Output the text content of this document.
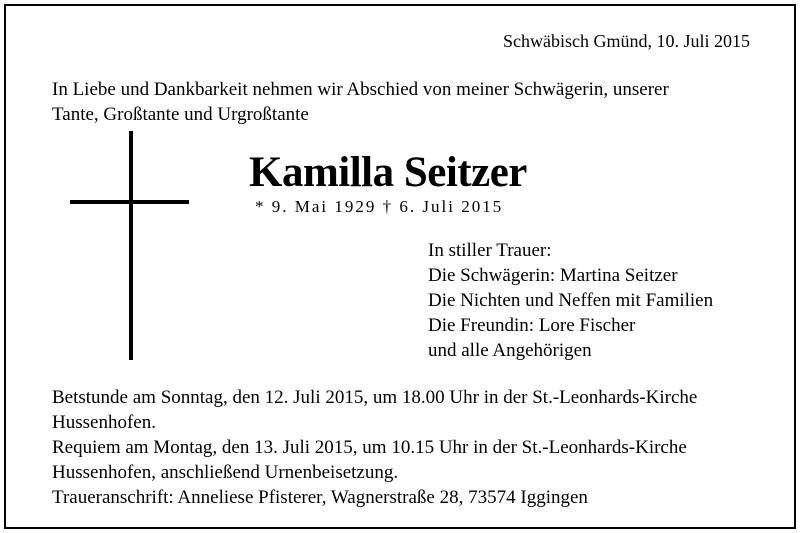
Schwäbisch Gmünd, 10. Juli 2015
In Liebe und Dankbarkeit nehmen wir Abschied von meiner Schwägerin, unserer
Tante, Großtante und Urgroßtante
Kamilla Seitzer
* 9. Mai 1929 † 6. Juli 2015
In stiller Trauer:
Die Schwägerin: Martina Seitzer
Die Nichten und Neffen mit Familien
Die Freundin: Lore Fischer
und alle Angehörigen
Betstunde am Sonntag, den 12. Juli 2015, um 18.00 Uhr in der St.-Leonhards-Kirche
Hussenhofen.
Requiem am Montag, den 13. Juli 2015, um 10.15 Uhr in der St.-Leonhards-Kirche
Hussenhofen, anschließend Urnenbeisetzung.
Traueranschrift: Anneliese Pfisterer, Wagnerstraße 28, 73574 Iggingen
